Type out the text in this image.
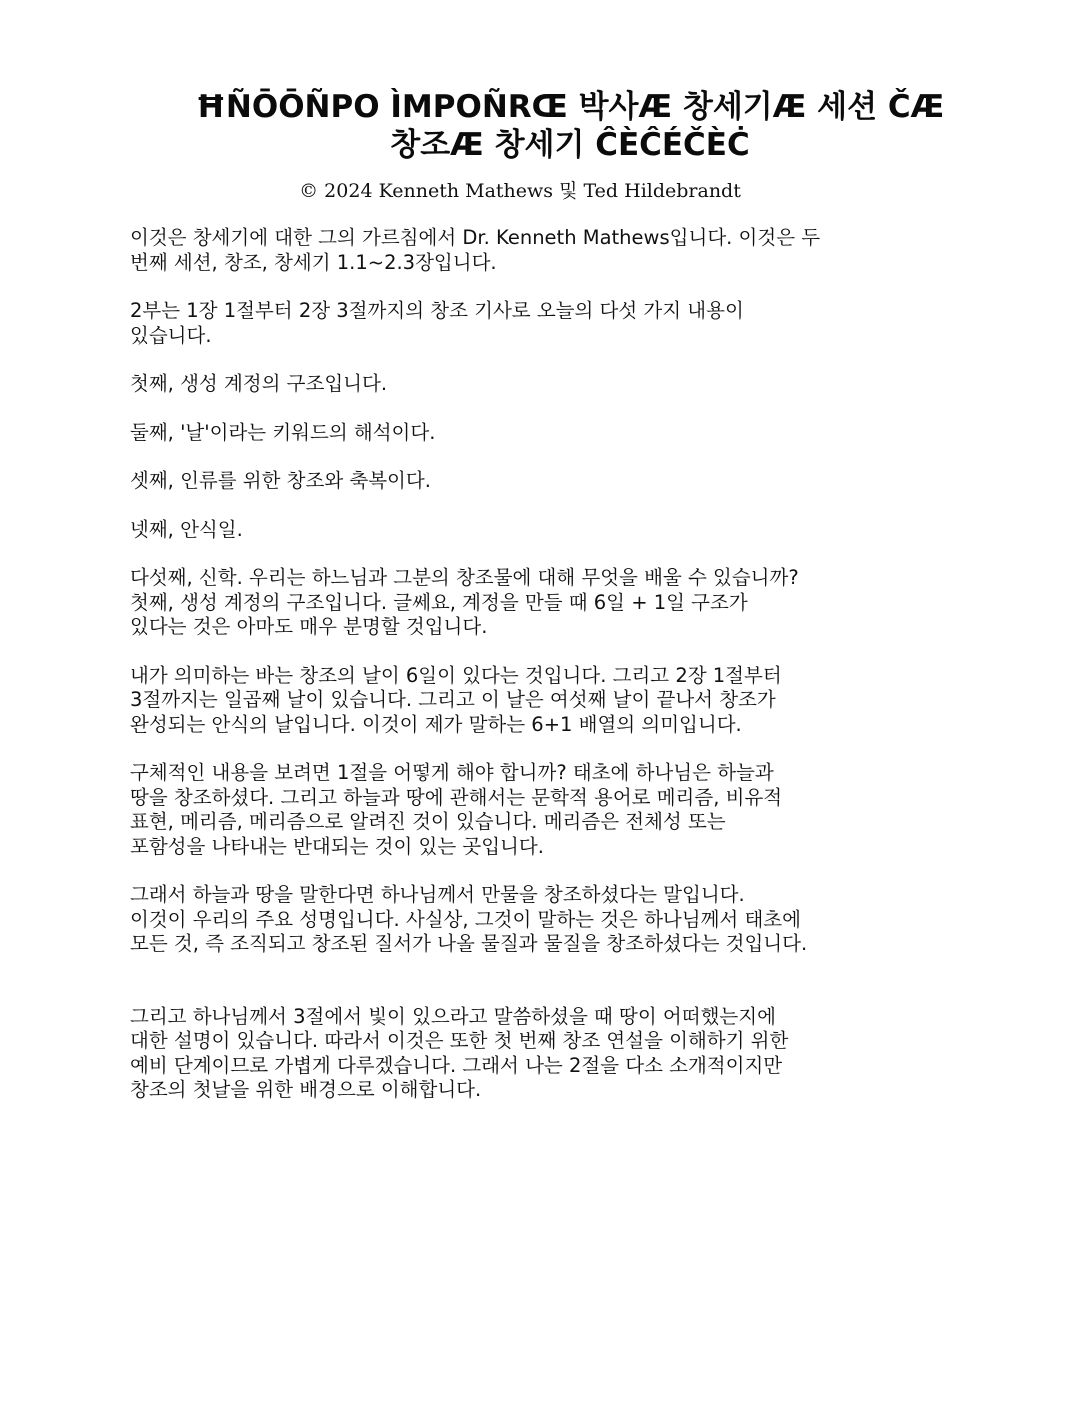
ĦÑŌŌÑPO ÌMPOÑRŒ 박사Æ 창세기Æ 세션 ČÆ
창조Æ 창세기 ĈÈĈÉČÈĊ
© 2024 Kenneth Mathews 및 Ted Hildebrandt

이것은 창세기에 대한 그의 가르침에서 Dr. Kenneth Mathews입니다. 이것은 두
번째 세션, 창조, 창세기 1.1~2.3장입니다.

2부는 1장 1절부터 2장 3절까지의 창조 기사로 오늘의 다섯 가지 내용이
있습니다.

첫째, 생성 계정의 구조입니다.

둘째, '날'이라는 키워드의 해석이다.

셋째, 인류를 위한 창조와 축복이다.

넷째, 안식일.

다섯째, 신학. 우리는 하느님과 그분의 창조물에 대해 무엇을 배울 수 있습니까?
첫째, 생성 계정의 구조입니다. 글쎄요, 계정을 만들 때 6일 + 1일 구조가
있다는 것은 아마도 매우 분명할 것입니다.

내가 의미하는 바는 창조의 날이 6일이 있다는 것입니다. 그리고 2장 1절부터
3절까지는 일곱째 날이 있습니다. 그리고 이 날은 여섯째 날이 끝나서 창조가
완성되는 안식의 날입니다. 이것이 제가 말하는 6+1 배열의 의미입니다.

구체적인 내용을 보려면 1절을 어떻게 해야 합니까? 태초에 하나님은 하늘과
땅을 창조하셨다. 그리고 하늘과 땅에 관해서는 문학적 용어로 메리즘, 비유적
표현, 메리즘, 메리즘으로 알려진 것이 있습니다. 메리즘은 전체성 또는
포함성을 나타내는 반대되는 것이 있는 곳입니다.

그래서 하늘과 땅을 말한다면 하나님께서 만물을 창조하셨다는 말입니다.
이것이 우리의 주요 성명입니다. 사실상, 그것이 말하는 것은 하나님께서 태초에
모든 것, 즉 조직되고 창조된 질서가 나올 물질과 물질을 창조하셨다는 것입니다.

그리고 하나님께서 3절에서 빛이 있으라고 말씀하셨을 때 땅이 어떠했는지에
대한 설명이 있습니다. 따라서 이것은 또한 첫 번째 창조 연설을 이해하기 위한
예비 단계이므로 가볍게 다루겠습니다. 그래서 나는 2절을 다소 소개적이지만
창조의 첫날을 위한 배경으로 이해합니다.
